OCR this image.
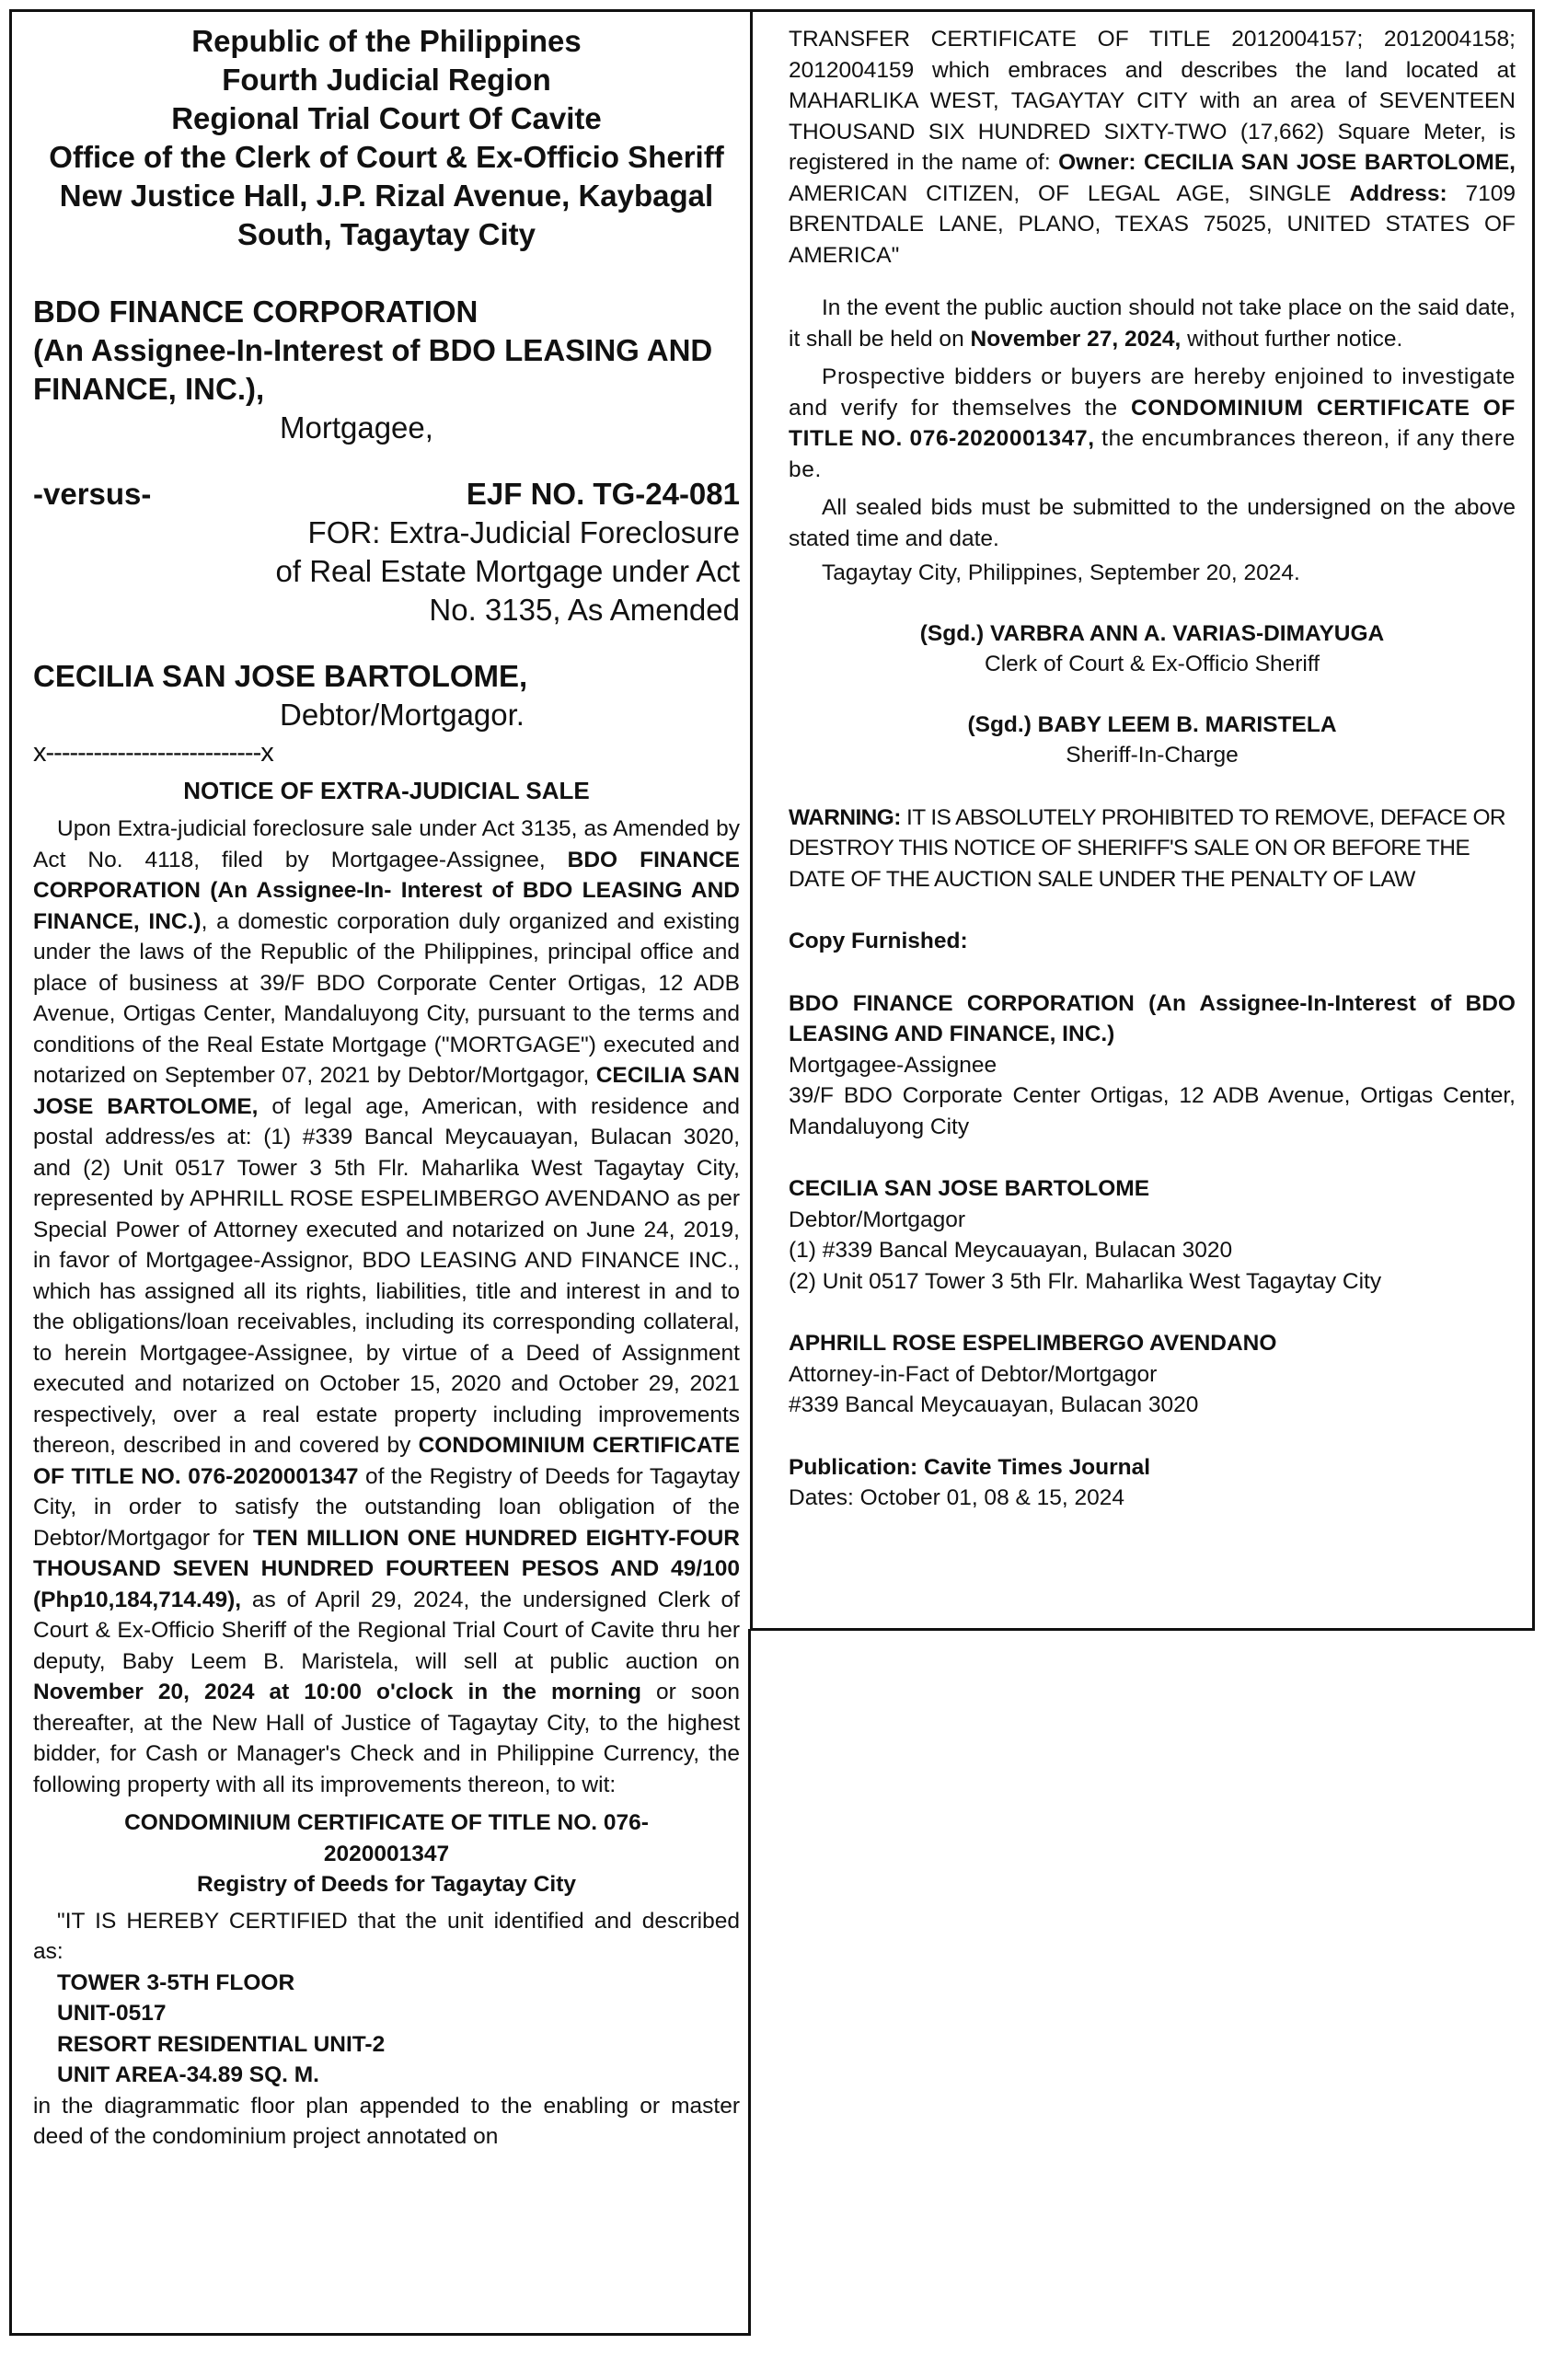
Republic of the Philippines
Fourth Judicial Region
Regional Trial Court Of Cavite
Office of the Clerk of Court & Ex-Officio Sheriff
New Justice Hall, J.P. Rizal Avenue, Kaybagal
South, Tagaytay City
BDO FINANCE CORPORATION
(An Assignee-In-Interest of BDO LEASING AND
FINANCE, INC.),
Mortgagee,
-versus-	EJF NO. TG-24-081
FOR: Extra-Judicial Foreclosure
of Real Estate Mortgage under Act
No. 3135, As Amended
CECILIA SAN JOSE BARTOLOME,
Debtor/Mortgagor.
x---------------------------x
NOTICE OF EXTRA-JUDICIAL SALE

Upon Extra-judicial foreclosure sale under Act 3135, as Amended by Act No. 4118, filed by Mortgagee-Assignee, BDO FINANCE CORPORATION (An Assignee-In- Interest of BDO LEASING AND FINANCE, INC.), a domestic corporation duly organized and existing under the laws of the Republic of the Philippines, principal office and place of business at 39/F BDO Corporate Center Ortigas, 12 ADB Avenue, Ortigas Center, Mandaluyong City, pursuant to the terms and conditions of the Real Estate Mortgage ("MORTGAGE") executed and notarized on September 07, 2021 by Debtor/Mortgagor, CECILIA SAN JOSE BARTOLOME, of legal age, American, with residence and postal address/es at: (1) #339 Bancal Meycauayan, Bulacan 3020, and (2) Unit 0517 Tower 3 5th Flr. Maharlika West Tagaytay City, represented by APHRILL ROSE ESPELIMBERGO AVENDANO as per Special Power of Attorney executed and notarized on June 24, 2019, in favor of Mortgagee-Assignor, BDO LEASING AND FINANCE INC., which has assigned all its rights, liabilities, title and interest in and to the obligations/loan receivables, including its corresponding collateral, to herein Mortgagee-Assignee, by virtue of a Deed of Assignment executed and notarized on October 15, 2020 and October 29, 2021 respectively, over a real estate property including improvements thereon, described in and covered by CONDOMINIUM CERTIFICATE OF TITLE NO. 076-2020001347 of the Registry of Deeds for Tagaytay City, in order to satisfy the outstanding loan obligation of the Debtor/Mortgagor for TEN MILLION ONE HUNDRED EIGHTY-FOUR THOUSAND SEVEN HUNDRED FOURTEEN PESOS AND 49/100 (Php10,184,714.49), as of April 29, 2024, the undersigned Clerk of Court & Ex-Officio Sheriff of the Regional Trial Court of Cavite thru her deputy, Baby Leem B. Maristela, will sell at public auction on November 20, 2024 at 10:00 o'clock in the morning or soon thereafter, at the New Hall of Justice of Tagaytay City, to the highest bidder, for Cash or Manager's Check and in Philippine Currency, the following property with all its improvements thereon, to wit:

CONDOMINIUM CERTIFICATE OF TITLE NO. 076-
2020001347
Registry of Deeds for Tagaytay City

"IT IS HEREBY CERTIFIED that the unit identified and described as:

TOWER 3-5TH FLOOR
UNIT-0517
RESORT RESIDENTIAL UNIT-2
UNIT AREA-34.89 SQ. M.

in the diagrammatic floor plan appended to the enabling or master deed of the condominium project annotated on

TRANSFER CERTIFICATE OF TITLE 2012004157; 2012004158; 2012004159 which embraces and describes the land located at MAHARLIKA WEST, TAGAYTAY CITY with an area of SEVENTEEN THOUSAND SIX HUNDRED SIXTY-TWO (17,662) Square Meter, is registered in the name of: Owner: CECILIA SAN JOSE BARTOLOME, AMERICAN CITIZEN, OF LEGAL AGE, SINGLE Address: 7109 BRENTDALE LANE, PLANO, TEXAS 75025, UNITED STATES OF AMERICA"

In the event the public auction should not take place on the said date, it shall be held on November 27, 2024, without further notice.

Prospective bidders or buyers are hereby enjoined to investigate and verify for themselves the CONDOMINIUM CERTIFICATE OF TITLE NO. 076-2020001347, the encumbrances thereon, if any there be.

All sealed bids must be submitted to the undersigned on the above stated time and date.

Tagaytay City, Philippines, September 20, 2024.

(Sgd.) VARBRA ANN A. VARIAS-DIMAYUGA
Clerk of Court & Ex-Officio Sheriff
(Sgd.) BABY LEEM B. MARISTELA
Sheriff-In-Charge
WARNING: IT IS ABSOLUTELY PROHIBITED TO REMOVE, DEFACE OR DESTROY THIS NOTICE OF SHERIFF'S SALE ON OR BEFORE THE DATE OF THE AUCTION SALE UNDER THE PENALTY OF LAW
Copy Furnished:
BDO FINANCE CORPORATION (An Assignee-In-Interest of BDO LEASING AND FINANCE, INC.)
Mortgagee-Assignee
39/F BDO Corporate Center Ortigas, 12 ADB Avenue, Ortigas Center, Mandaluyong City
CECILIA SAN JOSE BARTOLOME
Debtor/Mortgagor
(1) #339 Bancal Meycauayan, Bulacan 3020
(2) Unit 0517 Tower 3 5th Flr. Maharlika West Tagaytay City
APHRILL ROSE ESPELIMBERGO AVENDANO
Attorney-in-Fact of Debtor/Mortgagor
#339 Bancal Meycauayan, Bulacan 3020
Publication: Cavite Times Journal
Dates: October 01, 08 & 15, 2024
